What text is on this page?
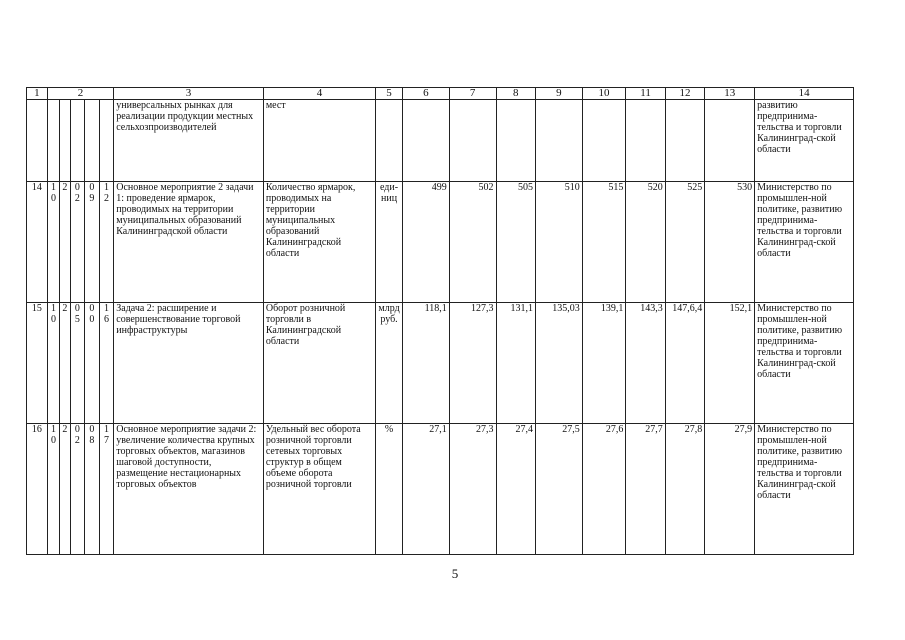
1	2					3	4	5	6	7	8	9	10	11	12	13	14
						универсальных рынках для реализации продукции местных сельхозпроизводителей	мест										развитию предпринима-тельства и торговли Калининград-ской области
14	10	2	02	09	12	Основное мероприятие 2 задачи 1: проведение ярмарок, проводимых на территории муниципальных образований Калининградской области	Количество ярмарок, проводимых на территории муниципальных образований Калининградской области	еди-ниц	499	502	505	510	515	520	525	530	Министерство по промышлен-ной политике, развитию предпринима-тельства и торговли Калининград-ской области
15	10	2	05	00	16	Задача 2: расширение и совершенствование торговой инфраструктуры	Оборот розничной торговли в Калининградской области	млрд руб.	118,1	127,3	131,1	135,03	139,1	143,3	147,6,4	152,1	Министерство по промышлен-ной политике, развитию предпринима-тельства и торговли Калининград-ской области
16	10	2	02	08	17	Основное мероприятие задачи 2: увеличение количества крупных торговых объектов, магазинов шаговой доступности, размещение нестационарных торговых объектов	Удельный вес оборота розничной торговли сетевых торговых структур в общем объеме оборота розничной торговли	%	27,1	27,3	27,4	27,5	27,6	27,7	27,8	27,9	Министерство по промышлен-ной политике, развитию предпринима-тельства и торговли Калининград-ской области
5
